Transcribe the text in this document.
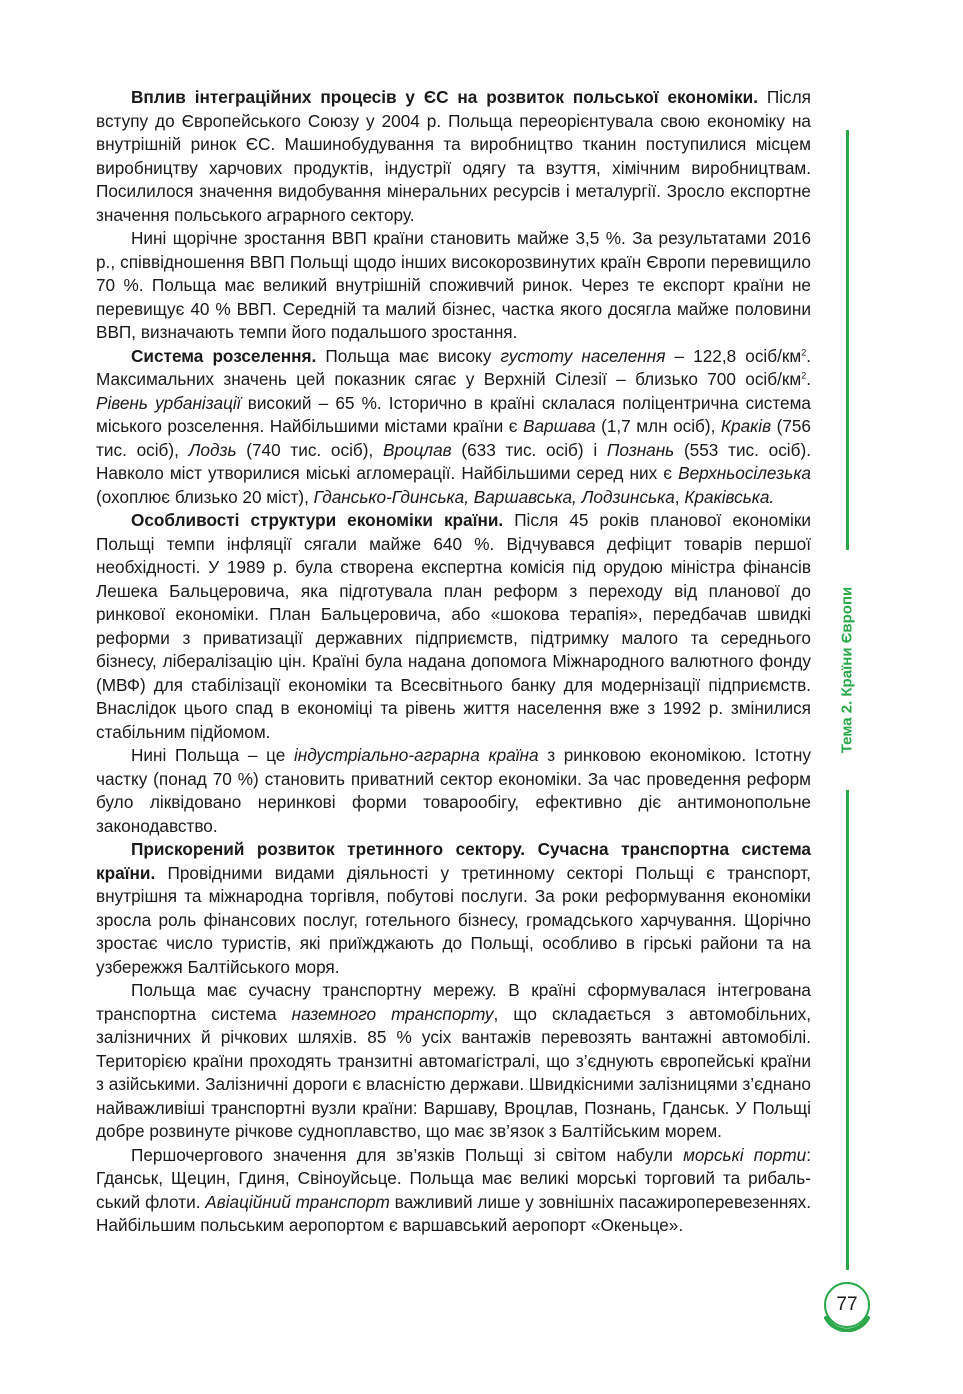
Вплив інтеграційних процесів у ЄС на розвиток польської економіки. Після вступу до Європейського Союзу у 2004 р. Польща переорієнтувала свою економіку на внутрішній ринок ЄС. Машинобудування та виробництво тканин поступилися місцем виробництву харчових продуктів, індустрії одягу та взуття, хімічним виробництвам. Посилилося значення видобування мінеральних ресурсів і металургії. Зросло експортне значення польського аграрного сектору.

Нині щорічне зростання ВВП країни становить майже 3,5 %. За результатами 2016 р., співвідношення ВВП Польщі щодо інших високорозвинутих країн Європи перевищило 70 %. Польща має великий внутрішній споживчий ринок. Через те експорт країни не перевищує 40 % ВВП. Середній та малий бізнес, частка якого досягла майже половини ВВП, визначають темпи його подальшого зростання.

Система розселення. Польща має високу густоту населення – 122,8 осіб/$км^2$. Максимальних значень цей показник сягає у Верхній Сілезії – близько 700 осіб/$км^2$. Рівень урбанізації високий – 65 %. Історично в країні склалася поліцентрична система міського розселення. Найбільшими містами країни є Варшава (1,7 млн осіб), Краків (756 тис. осіб), Лодзь (740 тис. осіб), Вроцлав (633 тис. осіб) і Познань (553 тис. осіб). Навколо міст утворилися міські агломерації. Найбільшими серед них є Верхньосілезька (охоплює близько 20 міст), Гданськo-Гдинська, Варшавська, Лодзинська, Краківська.

Особливості структури економіки країни. Після 45 років планової економіки Польщі темпи інфляції сягали майже 640 %. Відчувався дефіцит товарів першої необхідності. У 1989 р. була створена експертна комісія під орудою міністра фінансів Лешека Бальцеровича, яка підготувала план реформ з переходу від планової до ринкової економіки. План Бальцеровича, або «шокова терапія», передбачав швидкі реформи з приватизації державних підприємств, підтримку малого та середнього бізнесу, лібералізацію цін. Країні була надана допомога Міжнародного валютного фонду (МВФ) для стабілізації економіки та Всесвітнього банку для модернізації підприємств. Внаслідок цього спад в економіці та рівень життя населення вже з 1992 р. змінилися стабільним підйомом.

Нині Польща – це індустріально-аграрна країна з ринковою економікою. Істотну частку (понад 70 %) становить приватний сектор економіки. За час проведення реформ було ліквідовано неринкові форми товарообігу, ефективно діє антимонопольне законодавство.

Прискорений розвиток третинного сектору. Сучасна транспортна система країни. Провідними видами діяльності у третинному секторі Польщі є транспорт, внутрішня та міжнародна торгівля, побутові послуги. За роки реформування економіки зросла роль фінансових послуг, готельного бізнесу, громадського харчування. Щорічно зростає число туристів, які приїжджають до Польщі, особливо в гірські райони та на узбережжя Балтійського моря.

Польща має сучасну транспортну мережу. В країні сформувалася інтегрована транспортна система наземного транспорту, що складається з автомобільних, залізничних й річкових шляхів. 85 % усіх вантажів перевозять вантажні автомобілі. Територією країни проходять транзитні автомагістралі, що з’єднують європейські країни з азійськими. Залізничні дороги є власністю держави. Швидкісними залізницями з’єднано найважливіші транспортні вузли країни: Варшаву, Вроцлав, Познань, Гданськ. У Польщі добре розвинуте річкове судноплавство, що має зв’язок з Балтійським морем.

Першочергового значення для зв’язків Польщі зі світом набули морські порти: Гданськ, Щецин, Гдиня, Свіноуйсьце. Польща має великі морські торговий та рибальський флоти. Авіаційний транспорт важливий лише у зовнішніх пасажироперевезеннях. Найбільшим польським аеропортом є варшавський аеропорт «Океньце».

Тема 2. Країни Європи
77
